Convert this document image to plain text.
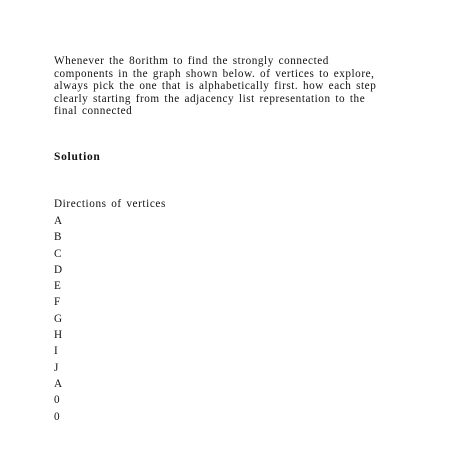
Whenever the 8orithm to find the strongly connected
components in the graph shown below. of vertices to explore,
always pick the one that is alphabetically first. how each step
clearly starting from the adjacency list representation to the
final connected
Solution
Directions of vertices
A
B
C
D
E
F
G
H
I
J
A
0
0
